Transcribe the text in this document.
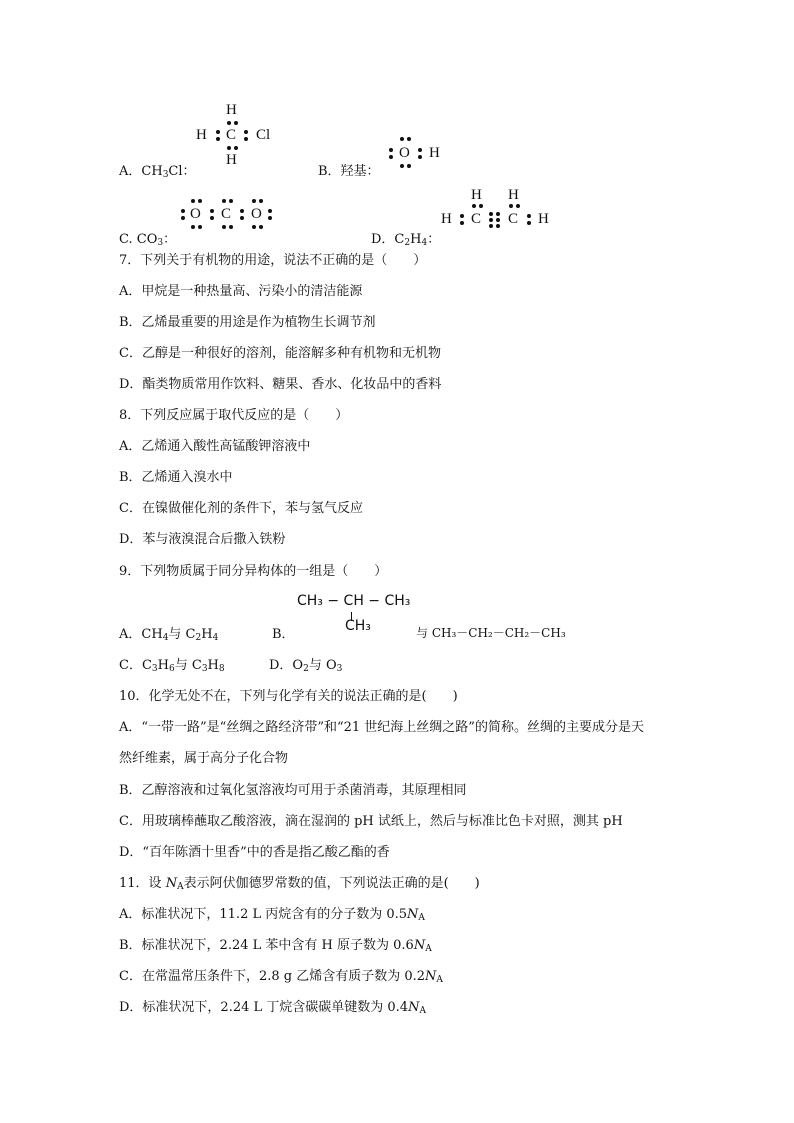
H
H C Cl
H
A．$CH_3Cl$：	B．羟基：
O H
C. $CO_3$：
O C O
D．$C_2H_4$：
H H
H C C H
7．下列关于有机物的用途，说法不正确的是（　　）
A．甲烷是一种热量高、污染小的清洁能源
B．乙烯最重要的用途是作为植物生长调节剂
C．乙醇是一种很好的溶剂，能溶解多种有机物和无机物
D．酯类物质常用作饮料、糖果、香水、化妆品中的香料
8．下列反应属于取代反应的是（　　）
A．乙烯通入酸性高锰酸钾溶液中
B．乙烯通入溴水中
C．在镍做催化剂的条件下，苯与氢气反应
D．苯与液溴混合后撒入铁粉
9．下列物质属于同分异构体的一组是（　　）
A．$CH_4$与 $C_2H_4$	B．
CH₃ − CH − CH₃
CH₃	与 CH₃－CH₂－CH₂－CH₃
C．$C_3H_6$与 $C_3H_8$	D．$O_2$与 $O_3$
10．化学无处不在，下列与化学有关的说法正确的是(　　)
A．“一带一路”是“丝绸之路经济带”和“21 世纪海上丝绸之路”的简称。丝绸的主要成分是天
然纤维素，属于高分子化合物
B．乙醇溶液和过氧化氢溶液均可用于杀菌消毒，其原理相同
C．用玻璃棒蘸取乙酸溶液，滴在湿润的 pH 试纸上，然后与标准比色卡对照，测其 pH
D．“百年陈酒十里香”中的香是指乙酸乙酯的香
11．设 $N_A$表示阿伏伽德罗常数的值，下列说法正确的是(　　)
A．标准状况下，11.2 L 丙烷含有的分子数为 $0.5N_A$
B．标准状况下，2.24 L 苯中含有 H 原子数为 $0.6N_A$
C．在常温常压条件下，2.8 g 乙烯含有质子数为 $0.2N_A$
D．标准状况下，2.24 L 丁烷含碳碳单键数为 $0.4N_A$
